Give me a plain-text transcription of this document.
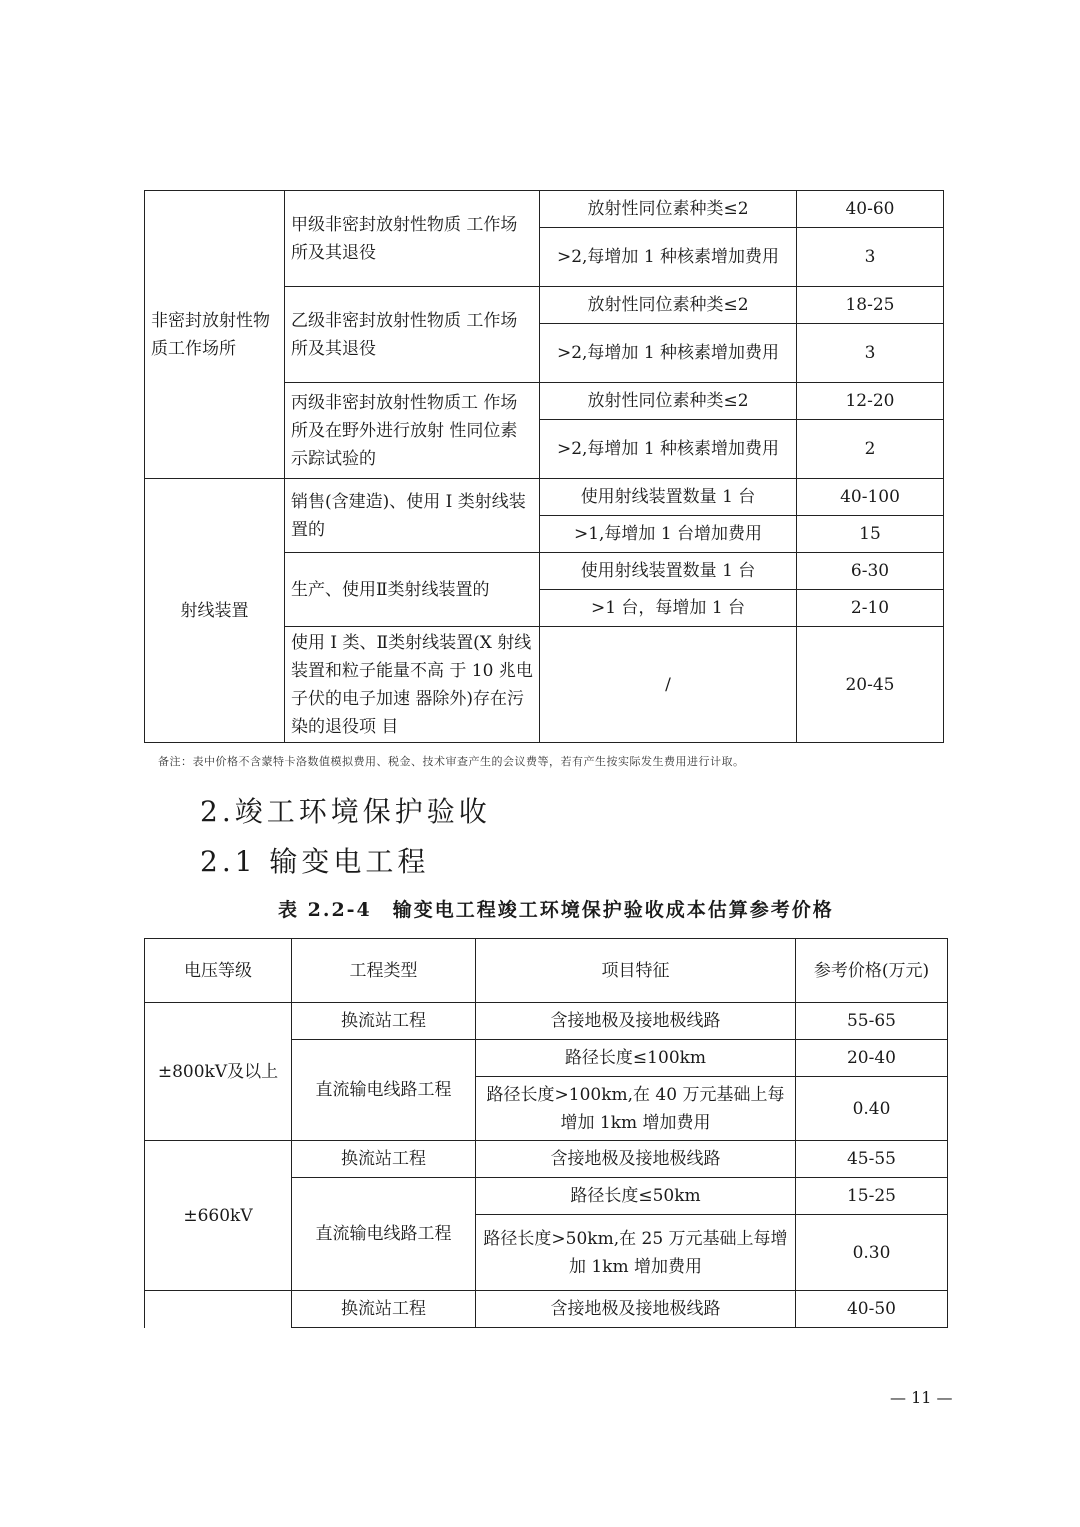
非密封放射性物质工作场所	甲级非密封放射性物质 工作场所及其退役	放射性同位素种类≤2	40-60
		>2,每增加 1 种核素增加费用	3
	乙级非密封放射性物质 工作场所及其退役	放射性同位素种类≤2	18-25
		>2,每增加 1 种核素增加费用	3
	丙级非密封放射性物质工 作场所及在野外进行放射 性同位素示踪试验的	放射性同位素种类≤2	12-20
		>2,每增加 1 种核素增加费用	2
射线装置	销售(含建造)、使用 I 类射线装置的	使用射线装置数量 1 台	40-100
		>1,每增加 1 台增加费用	15
	生产、使用Ⅱ类射线装置的	使用射线装置数量 1 台	6-30
		>1 台，每增加 1 台	2-10
	使用 I 类、Ⅱ类射线装置(X 射线装置和粒子能量不高 于 10 兆电子伏的电子加速 器除外)存在污染的退役项 目	/	20-45
备注：表中价格不含蒙特卡洛数值模拟费用、税金、技术审查产生的会议费等，若有产生按实际发生费用进行计取。
2.竣工环境保护验收
2.1 输变电工程
表 2.2-4　输变电工程竣工环境保护验收成本估算参考价格
电压等级	工程类型	项目特征	参考价格(万元)
±800kV及以上	换流站工程	含接地极及接地极线路	55-65
	直流输电线路工程	路径长度≤100km	20-40
		路径长度>100km,在 40 万元基础上每增加 1km 增加费用	0.40
±660kV	换流站工程	含接地极及接地极线路	45-55
	直流输电线路工程	路径长度≤50km	15-25
		路径长度>50km,在 25 万元基础上每增加 1km 增加费用	0.30
	换流站工程	含接地极及接地极线路	40-50
— 11 —
